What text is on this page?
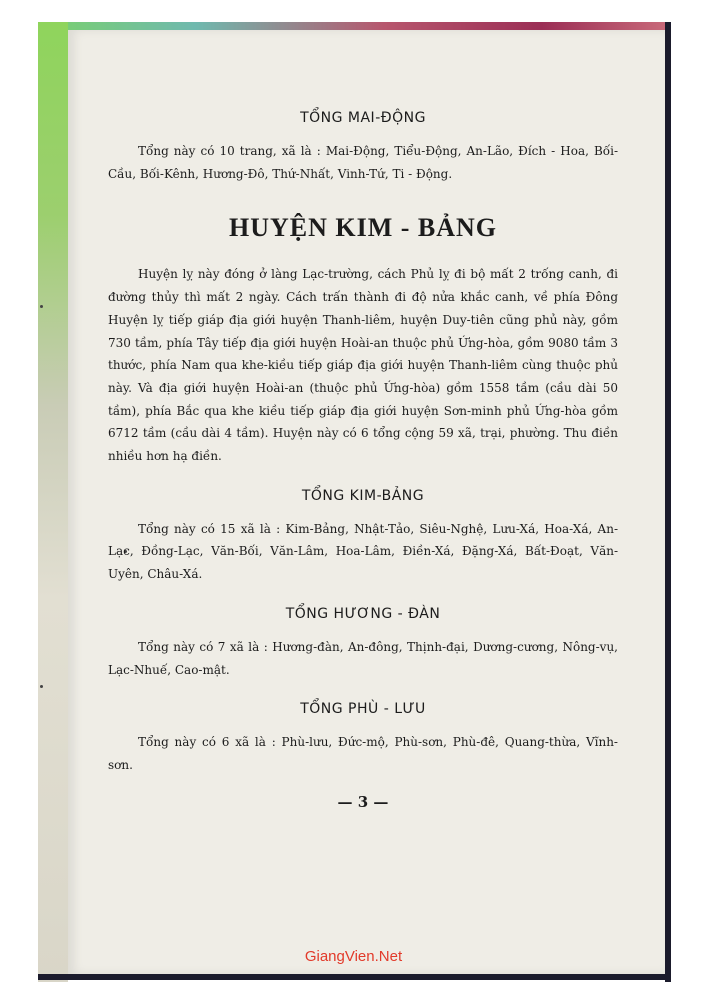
TỔNG MAI-ĐỘNG

Tổng này có 10 trang, xã là : Mai-Động, Tiểu-Động, An-Lão, Đích - Hoa, Bối-Cầu, Bối-Kênh, Hương-Đô, Thứ-Nhất, Vinh-Tứ, Ti - Động.

HUYỆN KIM - BẢNG

Huyện lỵ này đóng ở làng Lạc-trường, cách Phủ lỵ đi bộ mất 2 trống canh, đi đường thủy thì mất 2 ngày. Cách trấn thành đi độ nửa khắc canh, về phía Đông Huyện lỵ tiếp giáp địa giới huyện Thanh-liêm, huyện Duy-tiên cũng phủ này, gồm 730 tầm, phía Tây tiếp địa giới huyện Hoài-an thuộc phủ Ứng-hòa, gồm 9080 tầm 3 thước, phía Nam qua khe-kiều tiếp giáp địa giới huyện Thanh-liêm cùng thuộc phủ này. Và địa giới huyện Hoài-an (thuộc phủ Ứng-hòa) gồm 1558 tầm (cầu dài 50 tầm), phía Bắc qua khe kiều tiếp giáp địa giới huyện Sơn-minh phủ Ứng-hòa gồm 6712 tầm (cầu dài 4 tầm). Huyện này có 6 tổng cộng 59 xã, trại, phường. Thu điền nhiều hơn hạ điền.

TỔNG KIM-BẢNG

Tổng này có 15 xã là : Kim-Bảng, Nhật-Tảo, Siêu-Nghệ, Lưu-Xá, Hoa-Xá, An-Lạc, Đồng-Lạc, Văn-Bối, Văn-Lâm, Hoa-Lâm, Điền-Xá, Đặng-Xá, Bất-Đoạt, Văn-Uyên, Châu-Xá.

TỔNG HƯƠNG - ĐÀN

Tổng này có 7 xã là : Hương-đàn, An-đông, Thịnh-đại, Dương-cương, Nông-vụ, Lạc-Nhuế, Cao-mật.

TỔNG PHÙ - LƯU

Tổng này có 6 xã là : Phù-lưu, Đức-mộ, Phù-sơn, Phù-đê, Quang-thừa, Vĩnh-sơn.

— 3 —
GiangVien.Net
